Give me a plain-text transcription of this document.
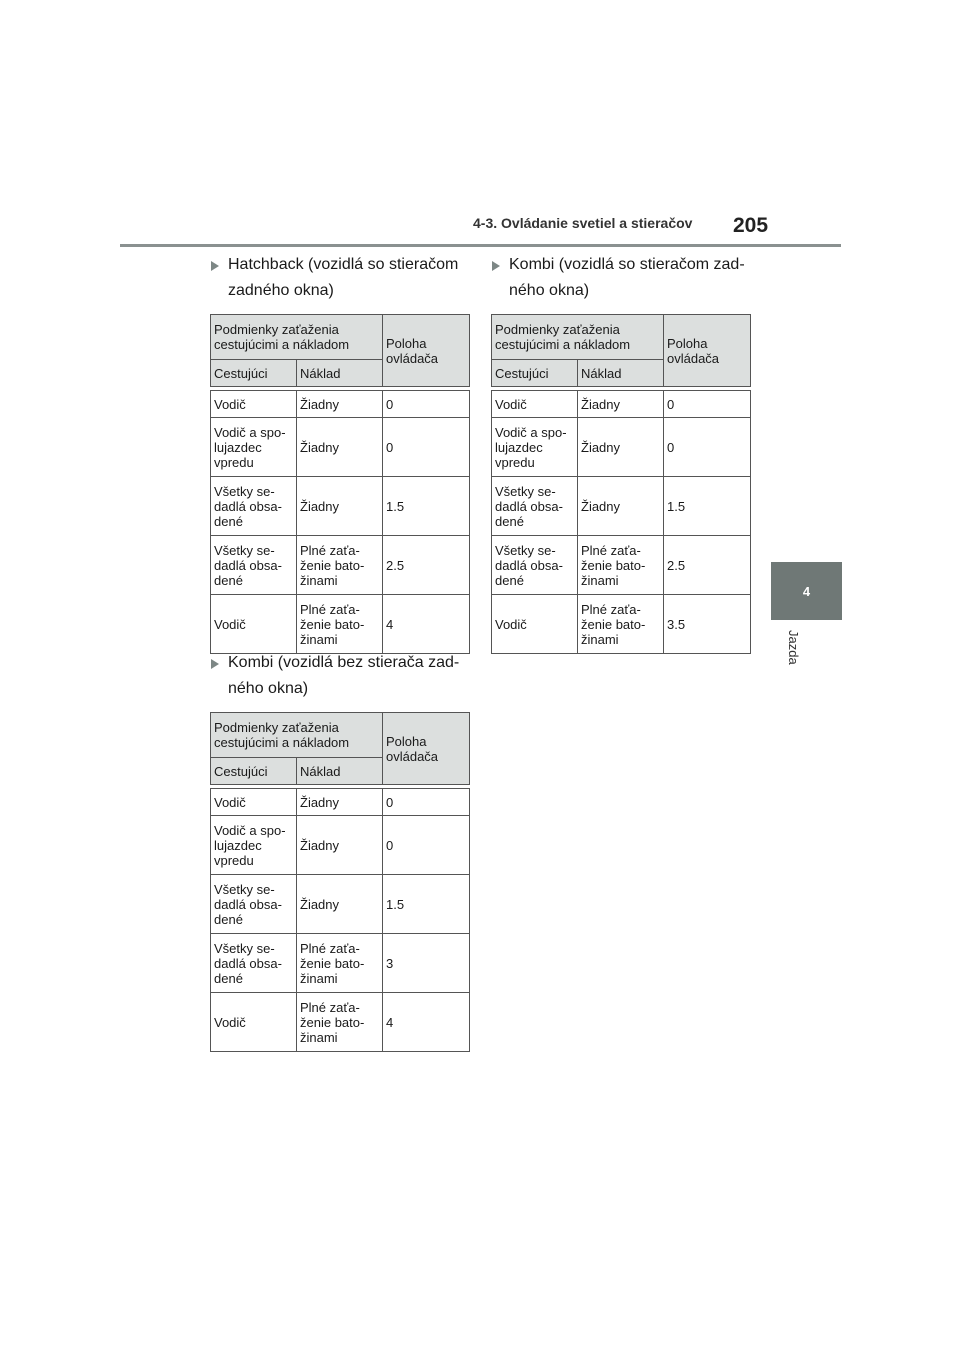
4-3. Ovládanie svetiel a stieračov 205
4
Jazda
Hatchback (vozidlá so stieračom zadného okna)
Podmienky zaťaženia cestujúcimi a nákladom		Poloha ovládača
Cestujúci	Náklad	

Vodič	Žiadny	0
Vodič a spo-
lujazdec
vpredu	Žiadny	0
Všetky se-
dadlá obsa-
dené	Žiadny	1.5
Všetky se-
dadlá obsa-
dené	Plné zaťa-
ženie bato-
žinami	2.5
Vodič	Plné zaťa-
ženie bato-
žinami	4
Kombi (vozidlá bez stierača zad-ného okna)
Podmienky zaťaženia cestujúcimi a nákladom		Poloha ovládača
Cestujúci	Náklad	

Vodič	Žiadny	0
Vodič a spo-
lujazdec
vpredu	Žiadny	0
Všetky se-
dadlá obsa-
dené	Žiadny	1.5
Všetky se-
dadlá obsa-
dené	Plné zaťa-
ženie bato-
žinami	3
Vodič	Plné zaťa-
ženie bato-
žinami	4
Kombi (vozidlá so stieračom zad-ného okna)
Podmienky zaťaženia cestujúcimi a nákladom		Poloha ovládača
Cestujúci	Náklad	

Vodič	Žiadny	0
Vodič a spo-
lujazdec
vpredu	Žiadny	0
Všetky se-
dadlá obsa-
dené	Žiadny	1.5
Všetky se-
dadlá obsa-
dené	Plné zaťa-
ženie bato-
žinami	2.5
Vodič	Plné zaťa-
ženie bato-
žinami	3.5
